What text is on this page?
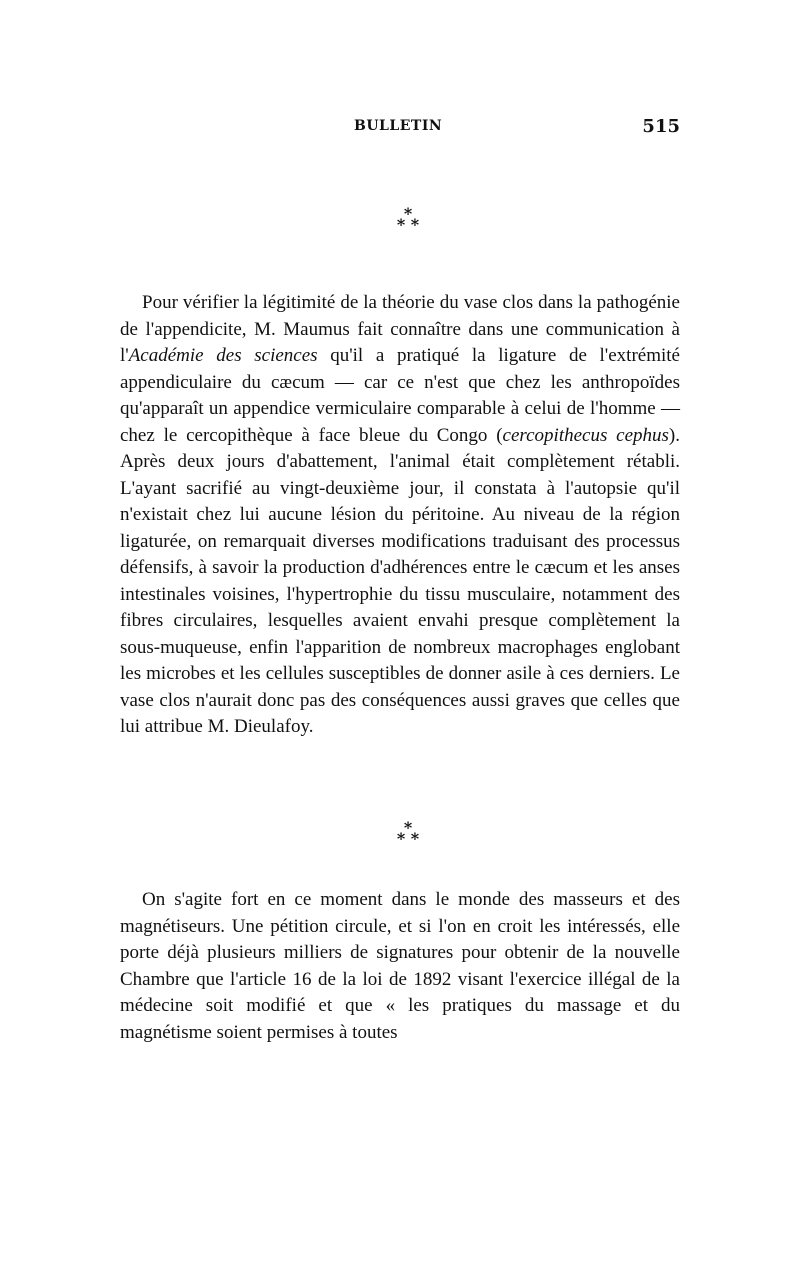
BULLETIN	515
*
* *

Pour vérifier la légitimité de la théorie du vase clos dans la pathogénie de l'appendicite, M. Maumus fait connaître dans une communication à l'Académie des sciences qu'il a pratiqué la ligature de l'extrémité appendiculaire du cæcum — car ce n'est que chez les anthropoïdes qu'apparaît un appendice vermiculaire comparable à celui de l'homme — chez le cercopithèque à face bleue du Congo (cercopithecus cephus). Après deux jours d'abattement, l'animal était complètement rétabli. L'ayant sacrifié au vingt-deuxième jour, il constata à l'autopsie qu'il n'existait chez lui aucune lésion du péritoine. Au niveau de la région ligaturée, on remarquait diverses modifications traduisant des processus défensifs, à savoir la production d'adhérences entre le cæcum et les anses intestinales voisines, l'hypertrophie du tissu musculaire, notamment des fibres circulaires, lesquelles avaient envahi presque complètement la sous-muqueuse, enfin l'apparition de nombreux macrophages englobant les microbes et les cellules susceptibles de donner asile à ces derniers. Le vase clos n'aurait donc pas des conséquences aussi graves que celles que lui attribue M. Dieulafoy.

*
* *

On s'agite fort en ce moment dans le monde des masseurs et des magnétiseurs. Une pétition circule, et si l'on en croit les intéressés, elle porte déjà plusieurs milliers de signatures pour obtenir de la nouvelle Chambre que l'article 16 de la loi de 1892 visant l'exercice illégal de la médecine soit modifié et que « les pratiques du massage et du magnétisme soient permises à toutes
